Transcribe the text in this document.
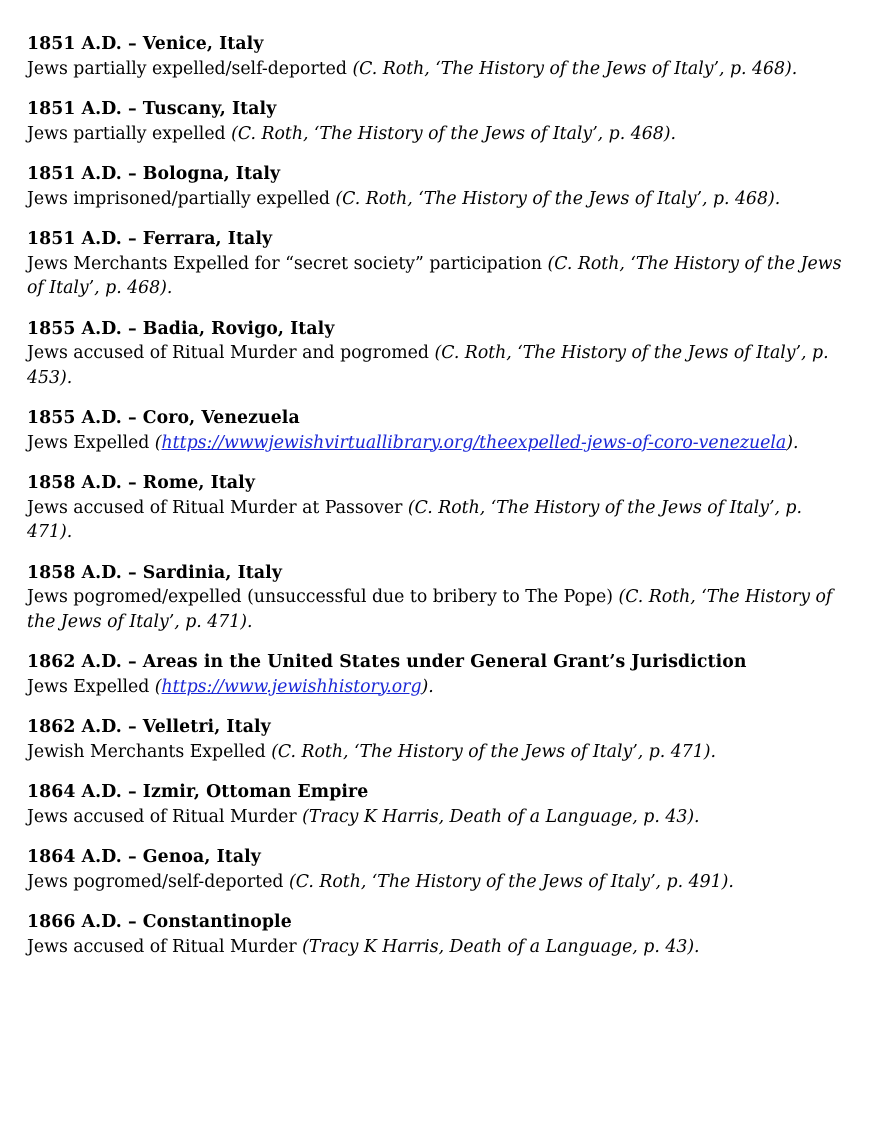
1851 A.D. – Venice, Italy
Jews partially expelled/self-deported (C. Roth, ‘The History of the Jews of Italy’, p. 468).
1851 A.D. – Tuscany, Italy
Jews partially expelled (C. Roth, ‘The History of the Jews of Italy’, p. 468).
1851 A.D. – Bologna, Italy
Jews imprisoned/partially expelled (C. Roth, ‘The History of the Jews of Italy’, p. 468).
1851 A.D. – Ferrara, Italy
Jews Merchants Expelled for “secret society” participation (C. Roth, ‘The History of the Jews of Italy’, p. 468).
1855 A.D. – Badia, Rovigo, Italy
Jews accused of Ritual Murder and pogromed (C. Roth, ‘The History of the Jews of Italy’, p. 453).
1855 A.D. – Coro, Venezuela
Jews Expelled (https://wwwjewishvirtuallibrary.org/theexpelled-jews-of-coro-venezuela).
1858 A.D. – Rome, Italy
Jews accused of Ritual Murder at Passover (C. Roth, ‘The History of the Jews of Italy’, p. 471).
1858 A.D. – Sardinia, Italy
Jews pogromed/expelled (unsuccessful due to bribery to The Pope) (C. Roth, ‘The History of the Jews of Italy’, p. 471).
1862 A.D. – Areas in the United States under General Grant’s Jurisdiction
Jews Expelled (https://www.jewishhistory.org).
1862 A.D. – Velletri, Italy
Jewish Merchants Expelled (C. Roth, ‘The History of the Jews of Italy’, p. 471).
1864 A.D. – Izmir, Ottoman Empire
Jews accused of Ritual Murder (Tracy K Harris, Death of a Language, p. 43).
1864 A.D. – Genoa, Italy
Jews pogromed/self-deported (C. Roth, ‘The History of the Jews of Italy’, p. 491).
1866 A.D. – Constantinople
Jews accused of Ritual Murder (Tracy K Harris, Death of a Language, p. 43).
